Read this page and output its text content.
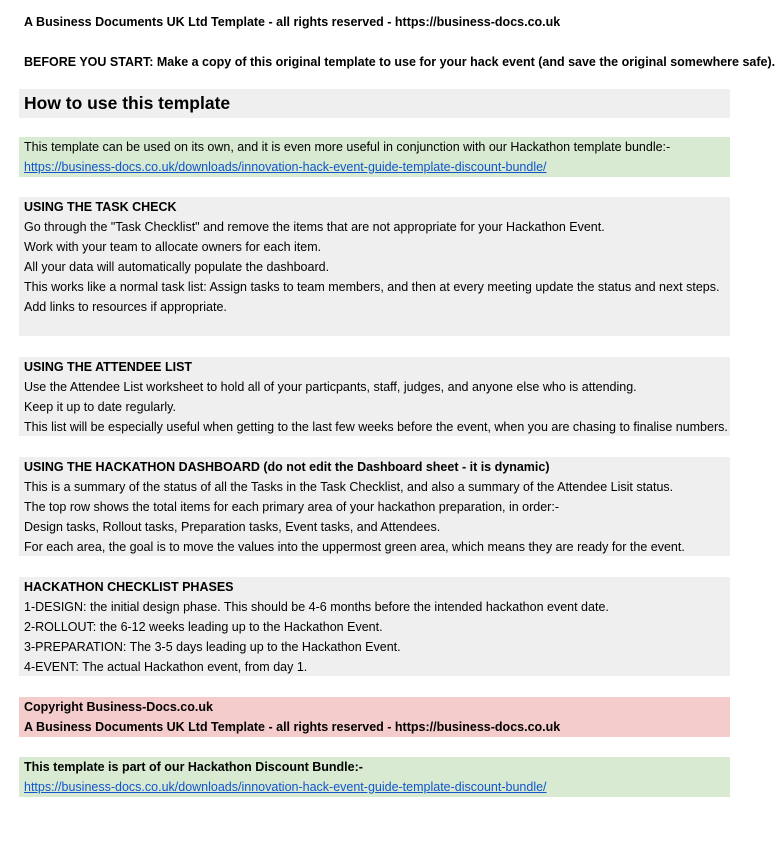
A Business Documents UK Ltd Template - all rights reserved - https://business-docs.co.uk
BEFORE YOU START: Make a copy of this original template to use for your hack event (and save the original somewhere safe).
How to use this template
This template can be used on its own, and it is even more useful in conjunction with our Hackathon template bundle:-
https://business-docs.co.uk/downloads/innovation-hack-event-guide-template-discount-bundle/
USING THE TASK CHECK
Go through the "Task Checklist" and remove the items that are not appropriate for your Hackathon Event.
Work with your team to allocate owners for each item.
All your data will automatically populate the dashboard.
This works like a normal task list: Assign tasks to team members, and then at every meeting update the status and next steps.
Add links to resources if appropriate.
USING THE ATTENDEE LIST
Use the Attendee List worksheet to hold all of your particpants, staff, judges, and anyone else who is attending.
Keep it up to date regularly.
This list will be especially useful when getting to the last few weeks before the event, when you are chasing to finalise numbers.
USING THE HACKATHON DASHBOARD (do not edit the Dashboard sheet - it is dynamic)
This is a summary of the status of all the Tasks in the Task Checklist, and also a summary of the Attendee Lisit status.
The top row shows the total items for each primary area of your hackathon preparation, in order:-
Design tasks, Rollout tasks, Preparation tasks, Event tasks, and Attendees.
For each area, the goal is to move the values into the uppermost green area, which means they are ready for the event.
HACKATHON CHECKLIST PHASES
1-DESIGN: the initial design phase. This should be 4-6 months before the intended hackathon event date.
2-ROLLOUT: the 6-12 weeks leading up to the Hackathon Event.
3-PREPARATION: The 3-5 days leading up to the Hackathon Event.
4-EVENT: The actual Hackathon event, from day 1.
Copyright Business-Docs.co.uk
A Business Documents UK Ltd Template - all rights reserved - https://business-docs.co.uk
This template is part of our Hackathon Discount Bundle:-
https://business-docs.co.uk/downloads/innovation-hack-event-guide-template-discount-bundle/
